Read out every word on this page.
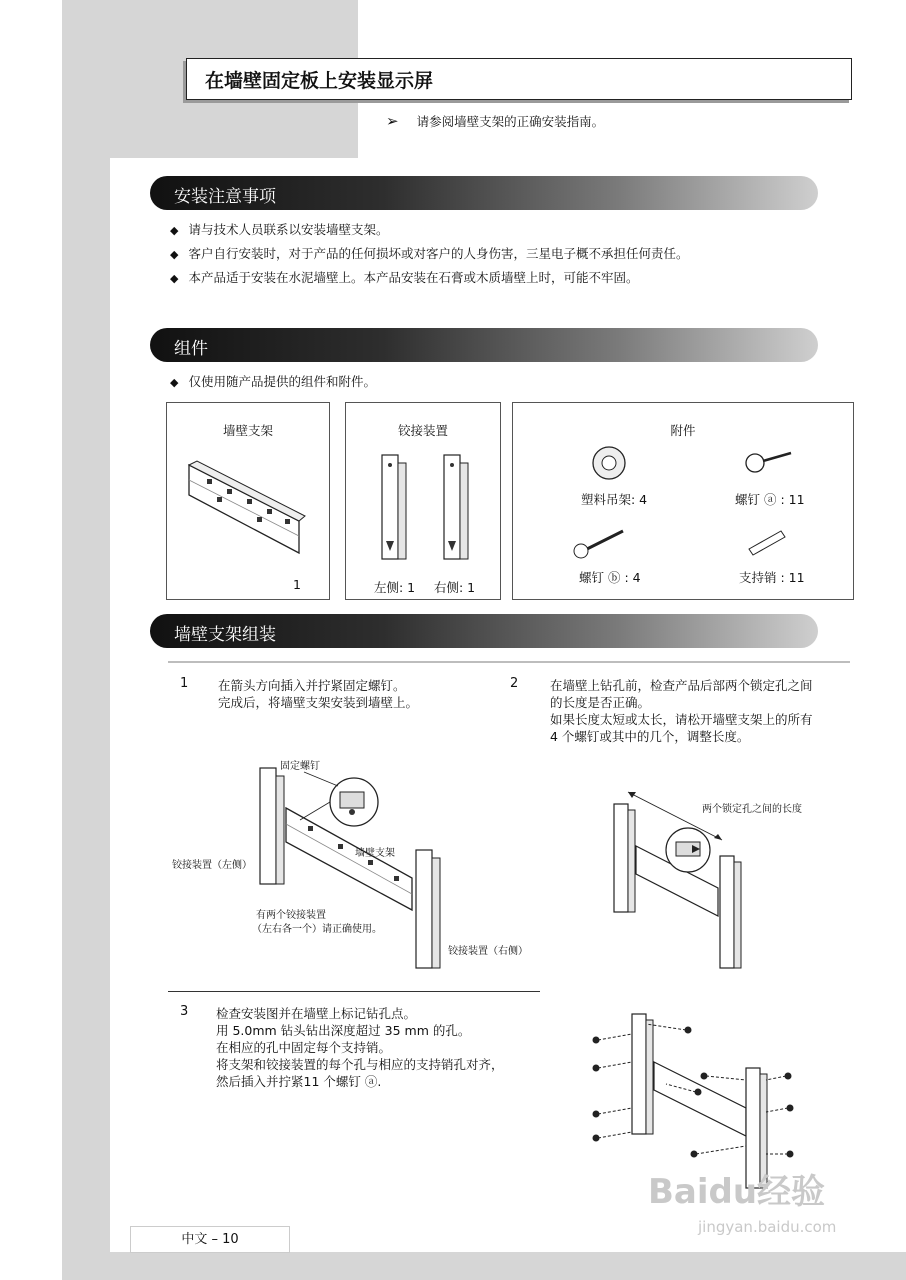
在墙壁固定板上安装显示屏
➢ 请参阅墙壁支架的正确安装指南。
安装注意事项
◆ 请与技术人员联系以安装墙壁支架。
◆ 客户自行安装时，对于产品的任何损坏或对客户的人身伤害，三星电子概不承担任何责任。
◆ 本产品适于安装在水泥墙壁上。本产品安装在石膏或木质墙壁上时，可能不牢固。
组件
◆ 仅使用随产品提供的组件和附件。
墙壁支架
1
铰接装置
左侧: 1 右侧: 1
附件
塑料吊架: 4	螺钉 ⓐ : 11
螺钉 ⓑ : 4	支持销 : 11
墙壁支架组装
1 在箭头方向插入并拧紧固定螺钉。
完成后，将墙壁支架安装到墙壁上。
2	在墙壁上钻孔前，检查产品后部两个锁定孔之间
的长度是否正确。
如果长度太短或太长，请松开墙壁支架上的所有
4 个螺钉或其中的几个，调整长度。
固定螺钉
墙壁支架
铰接装置（左侧）
有两个铰接装置
（左右各一个）请正确使用。
铰接装置（右侧）
两个锁定孔之间的长度
3 检查安装图并在墙壁上标记钻孔点。
用 5.0mm 钻头钻出深度超过 35 mm 的孔。
在相应的孔中固定每个支持销。
将支架和铰接装置的每个孔与相应的支持销孔对齐，
然后插入并拧紧11 个螺钉 ⓐ.
中文 – 10
Baidu经验
jingyan.baidu.com
